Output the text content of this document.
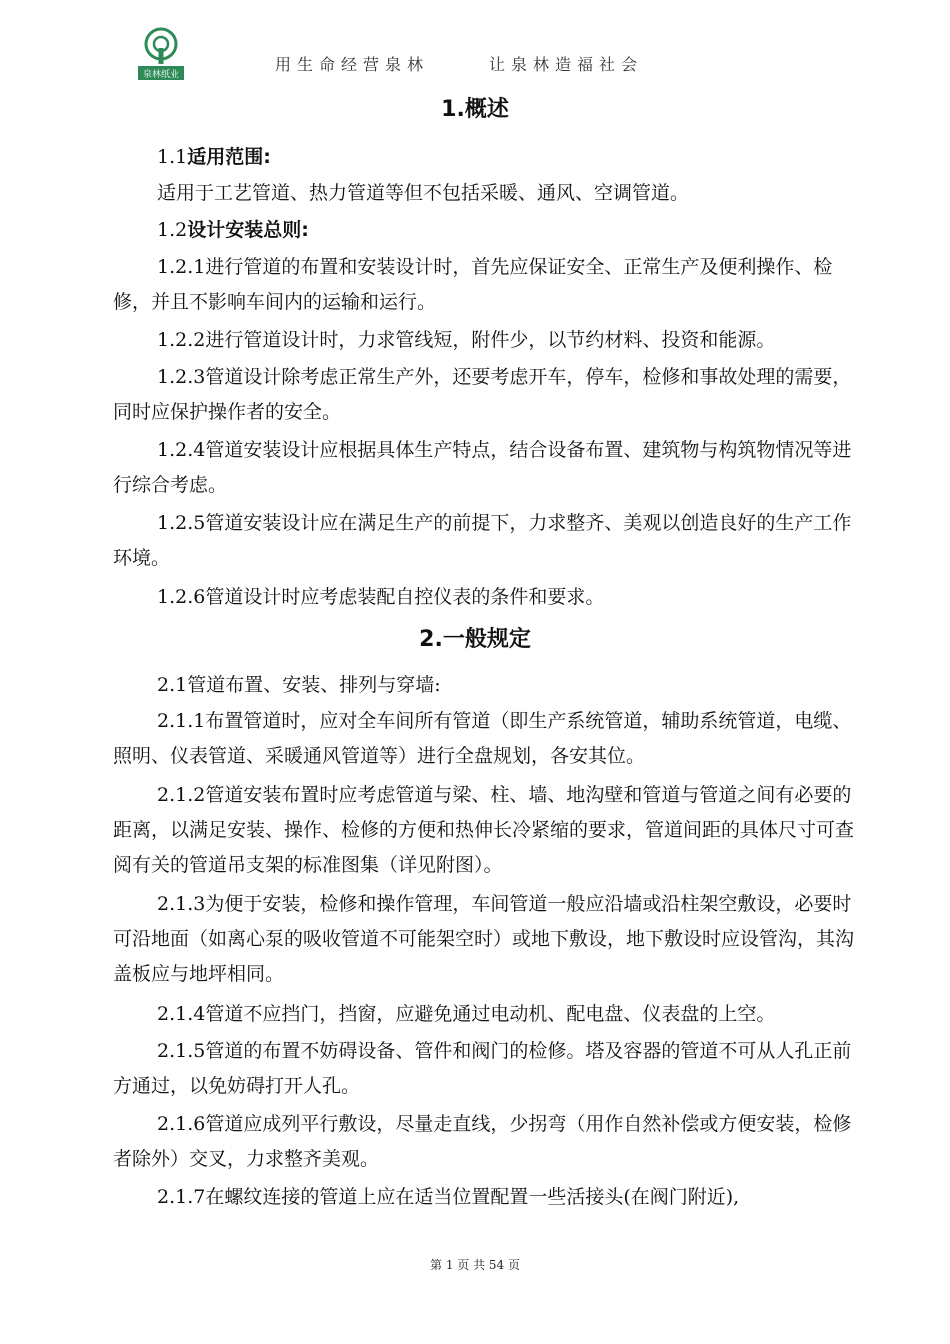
泉林纸业
用生命经营泉林	让泉林造福社会
1.概述
1.1适用范围:
适用于工艺管道、热力管道等但不包括采暖、通风、空调管道。
1.2设计安装总则:
1.2.1进行管道的布置和安装设计时，首先应保证安全、正常生产及便利操作、检修，并且不影响车间内的运输和运行。
1.2.2进行管道设计时，力求管线短，附件少，以节约材料、投资和能源。
1.2.3管道设计除考虑正常生产外，还要考虑开车，停车，检修和事故处理的需要，同时应保护操作者的安全。
1.2.4管道安装设计应根据具体生产特点，结合设备布置、建筑物与构筑物情况等进行综合考虑。
1.2.5管道安装设计应在满足生产的前提下，力求整齐、美观以创造良好的生产工作环境。
1.2.6管道设计时应考虑装配自控仪表的条件和要求。
2.一般规定
2.1管道布置、安装、排列与穿墙:
2.1.1布置管道时，应对全车间所有管道（即生产系统管道，辅助系统管道，电缆、照明、仪表管道、采暖通风管道等）进行全盘规划，各安其位。
2.1.2管道安装布置时应考虑管道与梁、柱、墙、地沟壁和管道与管道之间有必要的距离，以满足安装、操作、检修的方便和热伸长冷紧缩的要求，管道间距的具体尺寸可查阅有关的管道吊支架的标准图集（详见附图）。
2.1.3为便于安装，检修和操作管理，车间管道一般应沿墙或沿柱架空敷设，必要时可沿地面（如离心泵的吸收管道不可能架空时）或地下敷设，地下敷设时应设管沟，其沟盖板应与地坪相同。
2.1.4管道不应挡门，挡窗，应避免通过电动机、配电盘、仪表盘的上空。
2.1.5管道的布置不妨碍设备、管件和阀门的检修。塔及容器的管道不可从人孔正前方通过，以免妨碍打开人孔。
2.1.6管道应成列平行敷设，尽量走直线，少拐弯（用作自然补偿或方便安装，检修者除外）交叉，力求整齐美观。
2.1.7在螺纹连接的管道上应在适当位置配置一些活接头(在阀门附近),
第 1 页 共 54 页
